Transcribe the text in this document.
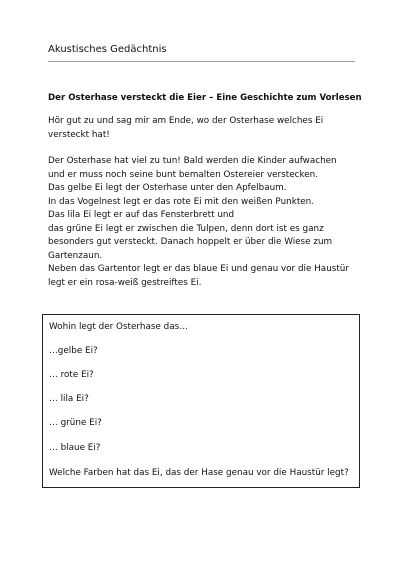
Akustisches Gedächtnis
Der Osterhase versteckt die Eier – Eine Geschichte zum Vorlesen
Hör gut zu und sag mir am Ende, wo der Osterhase welches Ei
versteckt hat!
Der Osterhase hat viel zu tun! Bald werden die Kinder aufwachen
und er muss noch seine bunt bemalten Ostereier verstecken.
Das gelbe Ei legt der Osterhase unter den Apfelbaum.
In das Vogelnest legt er das rote Ei mit den weißen Punkten.
Das lila Ei legt er auf das Fensterbrett und
das grüne Ei legt er zwischen die Tulpen, denn dort ist es ganz
besonders gut versteckt. Danach hoppelt er über die Wiese zum
Gartenzaun.
Neben das Gartentor legt er das blaue Ei und genau vor die Haustür
legt er ein rosa-weiß gestreiftes Ei.
Wohin legt der Osterhase das…
…gelbe Ei?
… rote Ei?
… lila Ei?
… grüne Ei?
… blaue Ei?
Welche Farben hat das Ei, das der Hase genau vor die Haustür legt?
